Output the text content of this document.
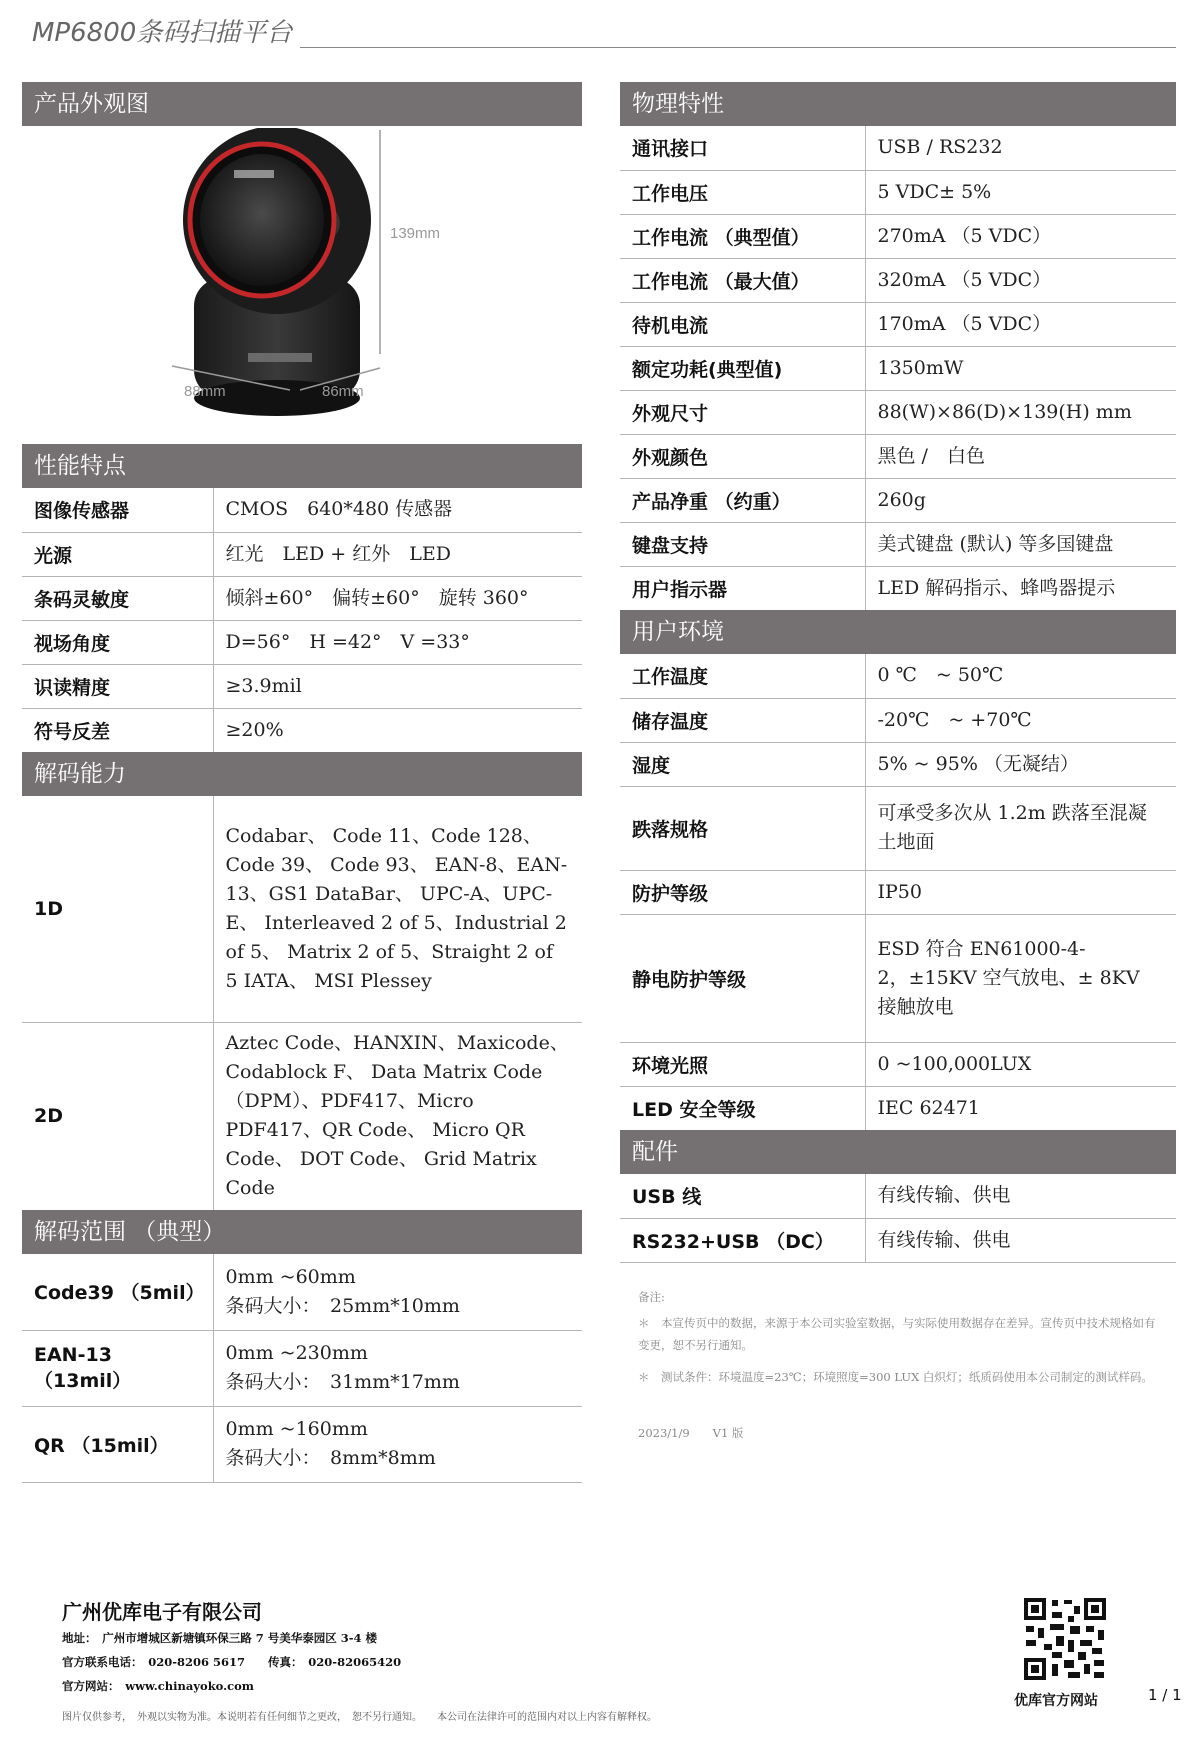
MP6800条码扫描平台
产品外观图
139mm
88mm	86mm
性能特点
图像传感器	CMOS　640*480 传感器
光源	红光　LED + 红外　LED
条码灵敏度	倾斜±60°　偏转±60°　旋转 360°
视场角度	D=56°　H =42°　V =33°
识读精度	≥3.9mil
符号反差	≥20%
解码能力
1D	Codabar、 Code 11、Code 128、Code 39、 Code 93、 EAN-8、EAN-13、GS1 DataBar、 UPC-A、UPC-E、 Interleaved 2 of 5、Industrial 2 of 5、 Matrix 2 of 5、Straight 2 of 5 IATA、 MSI Plessey
2D	Aztec Code、HANXIN、Maxicode、Codablock F、 Data Matrix Code （DPM）、PDF417、Micro PDF417、QR Code、 Micro QR Code、 DOT Code、 Grid Matrix Code
解码范围 （典型）
Code39 （5mil）	0mm ~60mm
条码大小：　25mm*10mm

EAN-13 （13mil）	0mm ~230mm
条码大小：　31mm*17mm

QR （15mil）	0mm ~160mm
条码大小：　8mm*8mm
物理特性
通讯接口	USB / RS232
工作电压	5 VDC± 5%
工作电流 （典型值）	270mA （5 VDC）
工作电流 （最大值）	320mA （5 VDC）
待机电流	170mA （5 VDC）
额定功耗(典型值)	1350mW
外观尺寸	88(W)×86(D)×139(H) mm
外观颜色	黑色 /　白色
产品净重 （约重）	260g
键盘支持	美式键盘 (默认) 等多国键盘
用户指示器	LED 解码指示、蜂鸣器提示
用户环境
工作温度	0 ℃　~ 50℃
储存温度	-20℃　~ +70℃
湿度	5% ~ 95% （无凝结）
跌落规格	可承受多次从 1.2m 跌落至混凝土地面
防护等级	IP50
静电防护等级	ESD 符合 EN61000-4-2，±15KV 空气放电、± 8KV 接触放电
环境光照	0 ~100,000LUX
LED 安全等级	IEC 62471
配件
USB 线	有线传输、供电
RS232+USB （DC）	有线传输、供电
备注:
＊　本宣传页中的数据，来源于本公司实验室数据，与实际使用数据存在差异。宣传页中技术规格如有变更，恕不另行通知。
＊　测试条件：环境温度=23℃；环境照度=300 LUX 白炽灯；纸质码使用本公司制定的测试样码。
2023/1/9　　V1 版
广州优库电子有限公司
地址：　广州市增城区新塘镇环保三路 7 号美华泰园区 3-4 楼
官方联系电话：　020-8206 5617　　传真：　020-82065420
官方网站：　www.chinayoko.com
图片仅供参考，　外观以实物为准。本说明若有任何细节之更改，　恕不另行通知。　　本公司在法律许可的范围内对以上内容有解释权。
优库官方网站	1 / 1
